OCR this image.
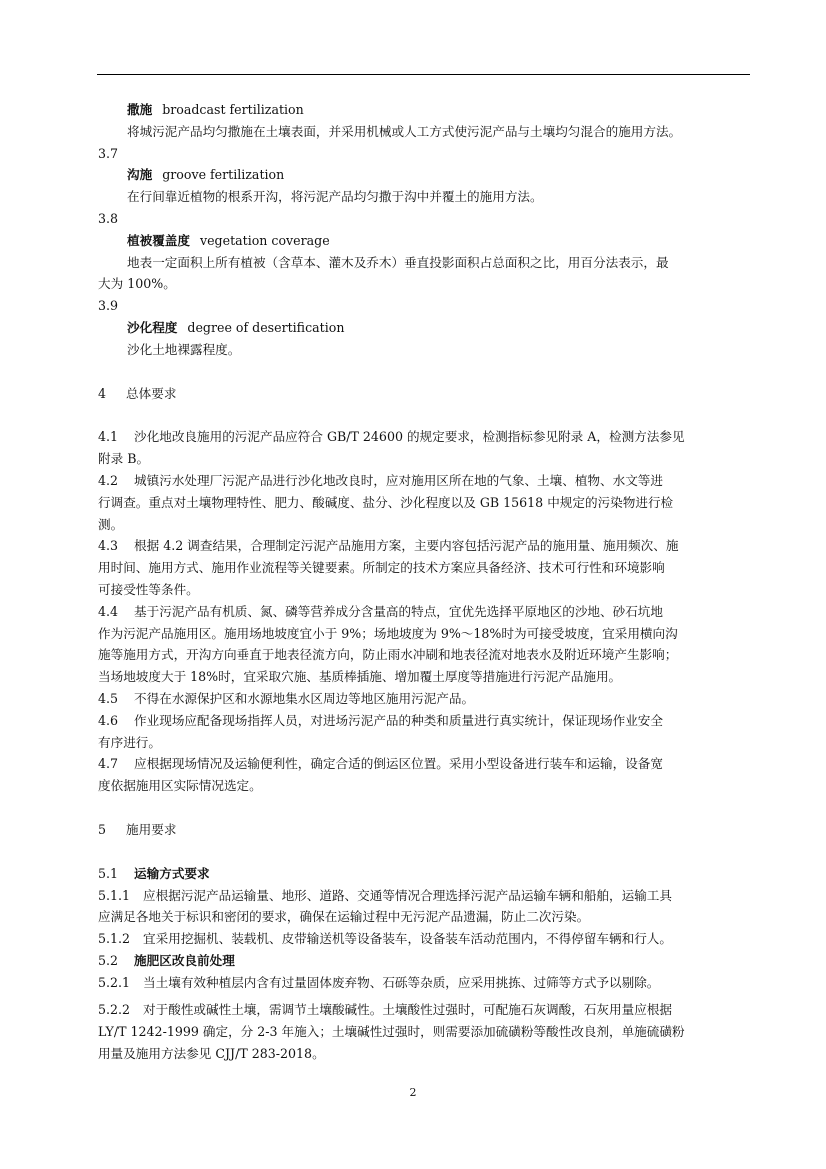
撒施 broadcast fertilization
将城污泥产品均匀撒施在土壤表面，并采用机械或人工方式使污泥产品与土壤均匀混合的施用方法。
3.7
沟施 groove fertilization
在行间靠近植物的根系开沟，将污泥产品均匀撒于沟中并覆土的施用方法。
3.8
植被覆盖度 vegetation coverage
地表一定面积上所有植被（含草本、灌木及乔木）垂直投影面积占总面积之比，用百分法表示，最
大为 100%。
3.9
沙化程度 degree of desertification
沙化土地裸露程度。
4 总体要求
4.1 沙化地改良施用的污泥产品应符合 GB/T 24600 的规定要求，检测指标参见附录 A，检测方法参见
附录 B。
4.2 城镇污水处理厂污泥产品进行沙化地改良时，应对施用区所在地的气象、土壤、植物、水文等进
行调查。重点对土壤物理特性、肥力、酸碱度、盐分、沙化程度以及 GB 15618 中规定的污染物进行检
测。
4.3 根据 4.2 调查结果，合理制定污泥产品施用方案，主要内容包括污泥产品的施用量、施用频次、施
用时间、施用方式、施用作业流程等关键要素。所制定的技术方案应具备经济、技术可行性和环境影响
可接受性等条件。
4.4 基于污泥产品有机质、氮、磷等营养成分含量高的特点，宜优先选择平原地区的沙地、砂石坑地
作为污泥产品施用区。施用场地坡度宜小于 9%；场地坡度为 9%～18%时为可接受坡度，宜采用横向沟
施等施用方式，开沟方向垂直于地表径流方向，防止雨水冲刷和地表径流对地表水及附近环境产生影响；
当场地坡度大于 18%时，宜采取穴施、基质棒插施、增加覆土厚度等措施进行污泥产品施用。
4.5 不得在水源保护区和水源地集水区周边等地区施用污泥产品。
4.6 作业现场应配备现场指挥人员，对进场污泥产品的种类和质量进行真实统计，保证现场作业安全
有序进行。
4.7 应根据现场情况及运输便利性，确定合适的倒运区位置。采用小型设备进行装车和运输，设备宽
度依据施用区实际情况选定。
5 施用要求
5.1 运输方式要求
5.1.1 应根据污泥产品运输量、地形、道路、交通等情况合理选择污泥产品运输车辆和船舶，运输工具
应满足各地关于标识和密闭的要求，确保在运输过程中无污泥产品遗漏，防止二次污染。
5.1.2 宜采用挖掘机、装载机、皮带输送机等设备装车，设备装车活动范围内，不得停留车辆和行人。
5.2 施肥区改良前处理
5.2.1 当土壤有效种植层内含有过量固体废弃物、石砾等杂质，应采用挑拣、过筛等方式予以剔除。
5.2.2 对于酸性或碱性土壤，需调节土壤酸碱性。土壤酸性过强时，可配施石灰调酸，石灰用量应根据
LY/T 1242-1999 确定，分 2-3 年施入；土壤碱性过强时，则需要添加硫磺粉等酸性改良剂，单施硫磺粉
用量及施用方法参见 CJJ/T 283-2018。
2
